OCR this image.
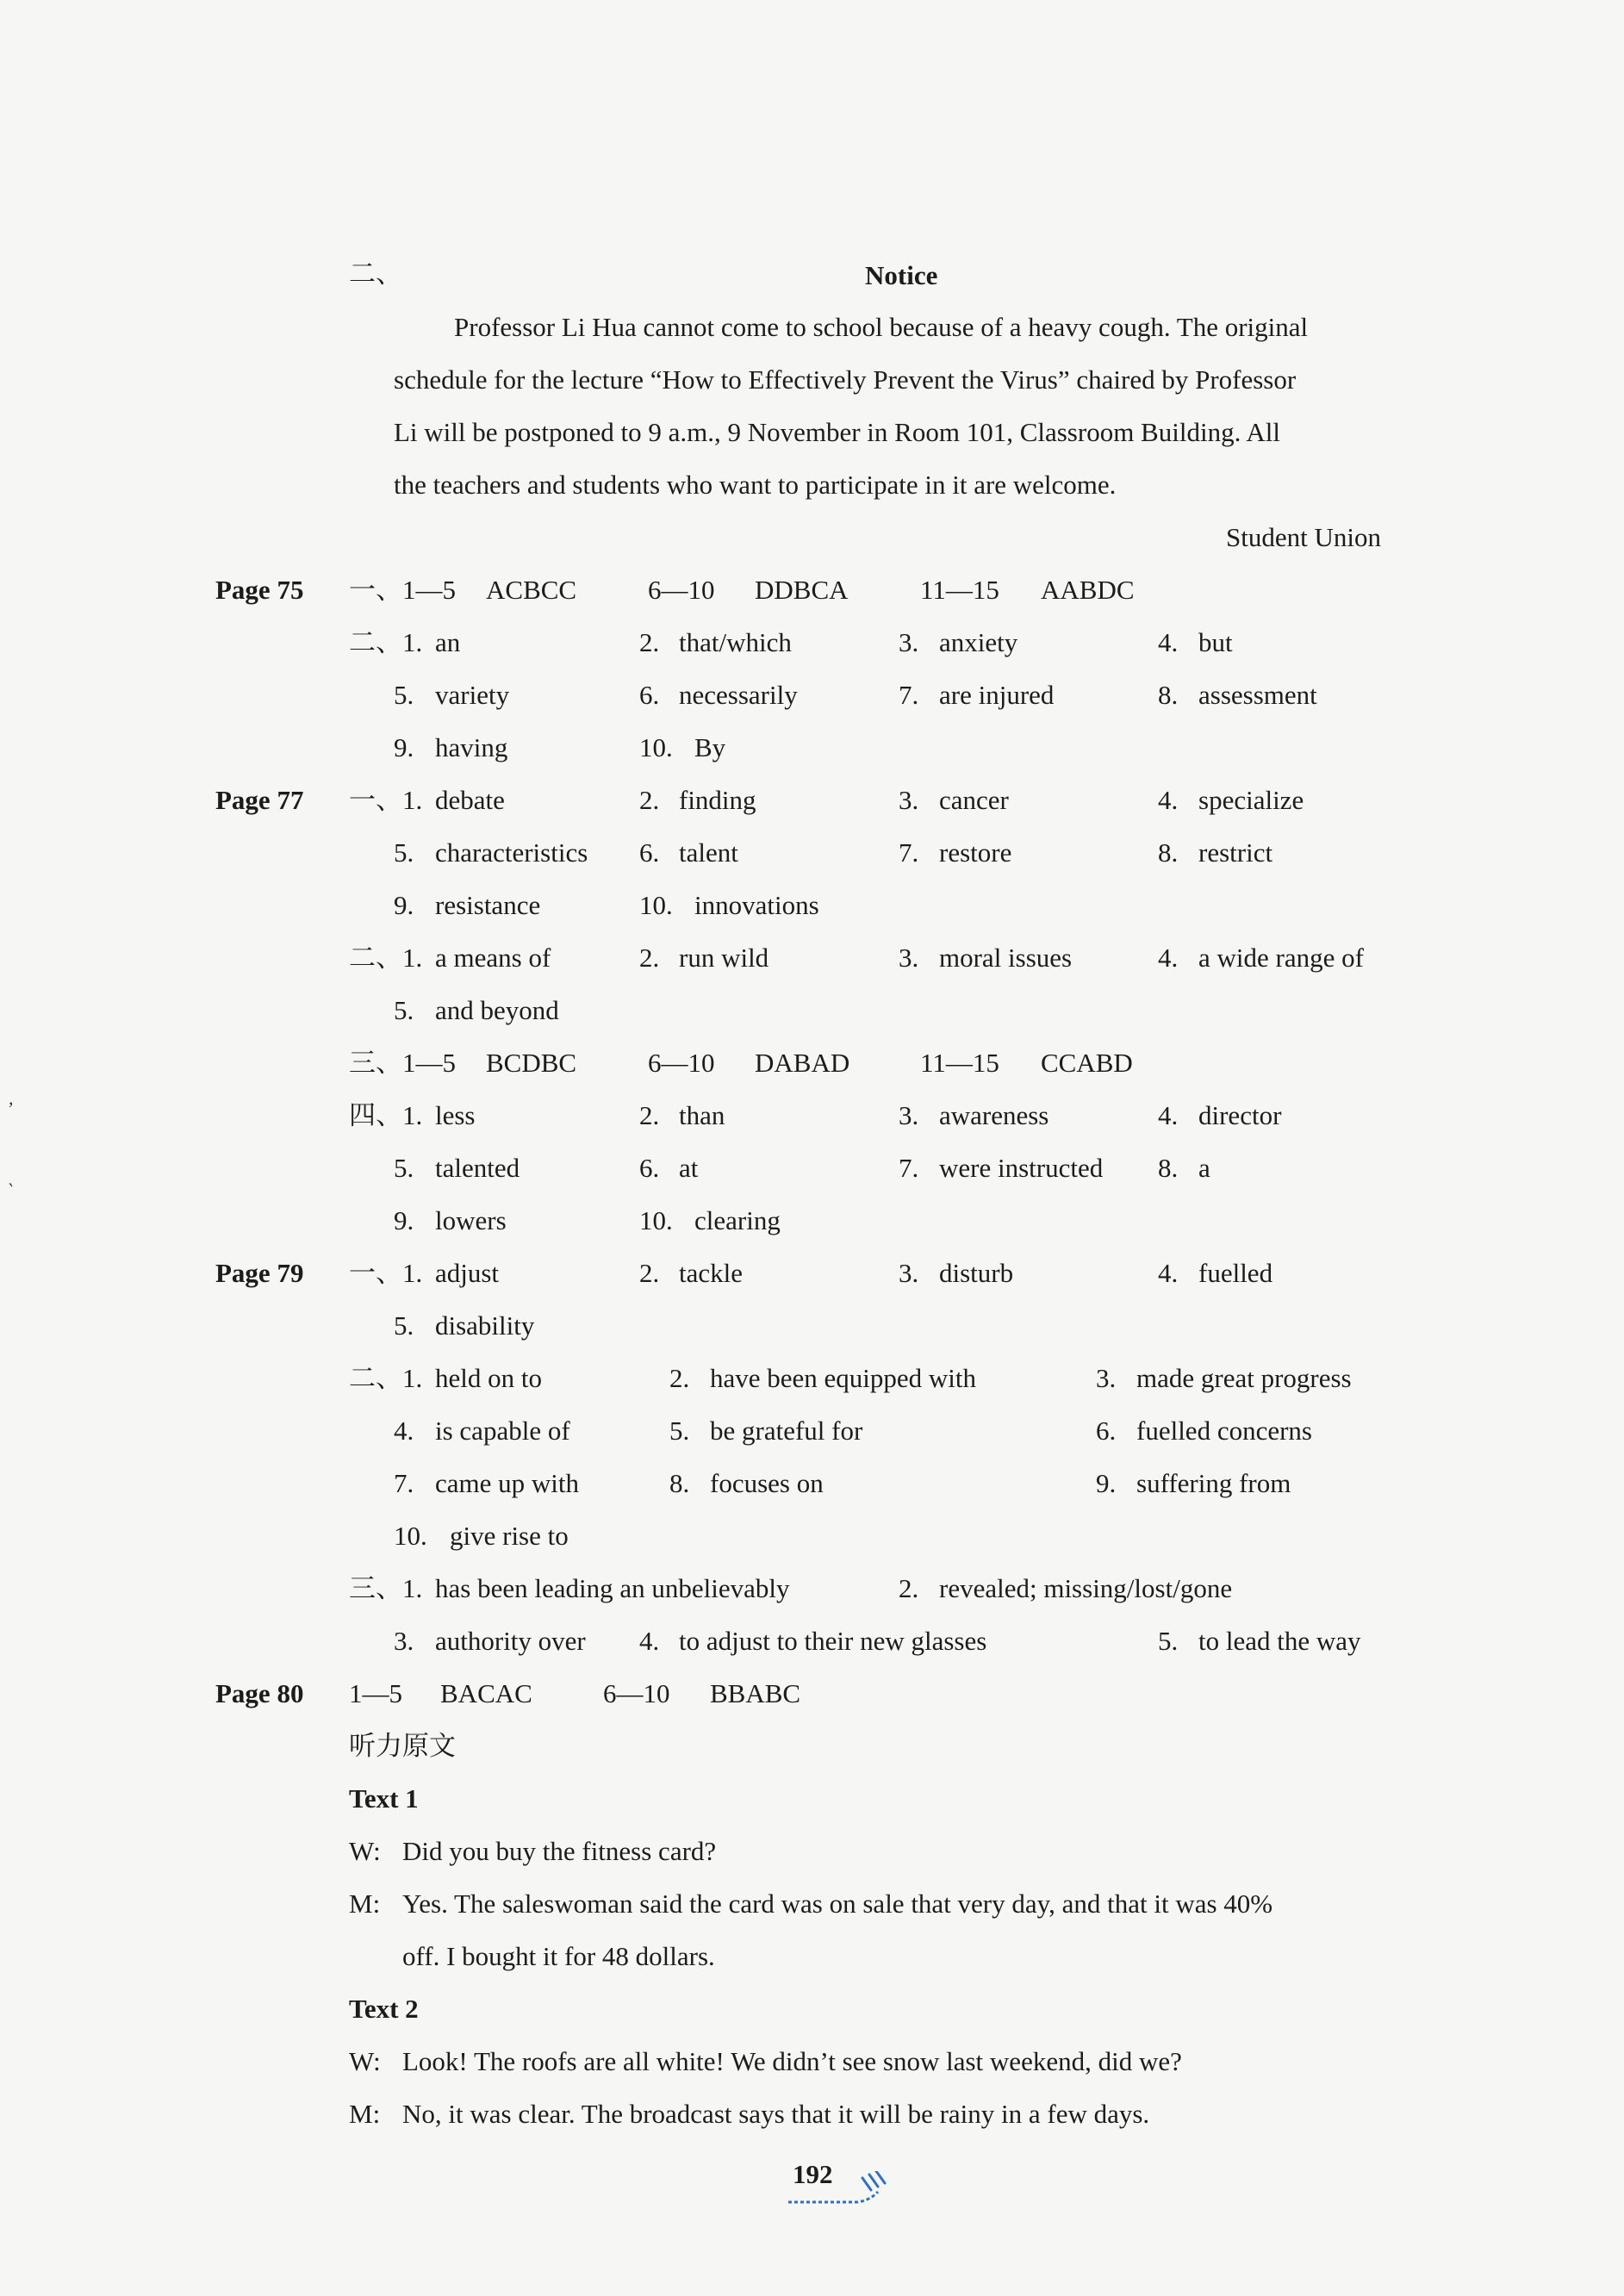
,
‵
二、	Notice
Professor Li Hua cannot come to school because of a heavy cough. The original
schedule for the lecture “How to Effectively Prevent the Virus” chaired by Professor
Li will be postponed to 9 a.m., 9 November in Room 101, Classroom Building. All
the teachers and students who want to participate in it are welcome.
Student Union
Page 75 一、1—5 ACBCC	6—10 DDBCA	11—15 AABDC
二、1. an	2. that/which	3. anxiety	4. but
5. variety	6. necessarily	7. are injured	8. assessment
9. having	10. By
Page 77 一、1. debate	2. finding	3. cancer	4. specialize
5. characteristics 6. talent	7. restore	8. restrict
9. resistance	10. innovations
二、1. a means of	2. run wild	3. moral issues	4. a wide range of
5. and beyond
三、1—5 BCDBC	6—10 DABAD	11—15 CCABD
四、1. less	2. than	3. awareness	4. director
5. talented	6. at	7. were instructed 8. a
9. lowers	10. clearing
Page 79 一、1. adjust	2. tackle	3. disturb	4. fuelled
5. disability
二、1. held on to	2. have been equipped with	3. made great progress
4. is capable of	5. be grateful for	6. fuelled concerns
7. came up with	8. focuses on	9. suffering from
10. give rise to
三、1. has been leading an unbelievably	2. revealed; missing/lost/gone
3. authority over 4. to adjust to their new glasses	5. to lead the way
Page 80 1—5 BACAC	6—10 BBABC
听力原文
Text 1
W: Did you buy the fitness card?
M: Yes. The saleswoman said the card was on sale that very day, and that it was 40%
off. I bought it for 48 dollars.
Text 2
W: Look! The roofs are all white! We didn’t see snow last weekend, did we?
M: No, it was clear. The broadcast says that it will be rainy in a few days.
192
